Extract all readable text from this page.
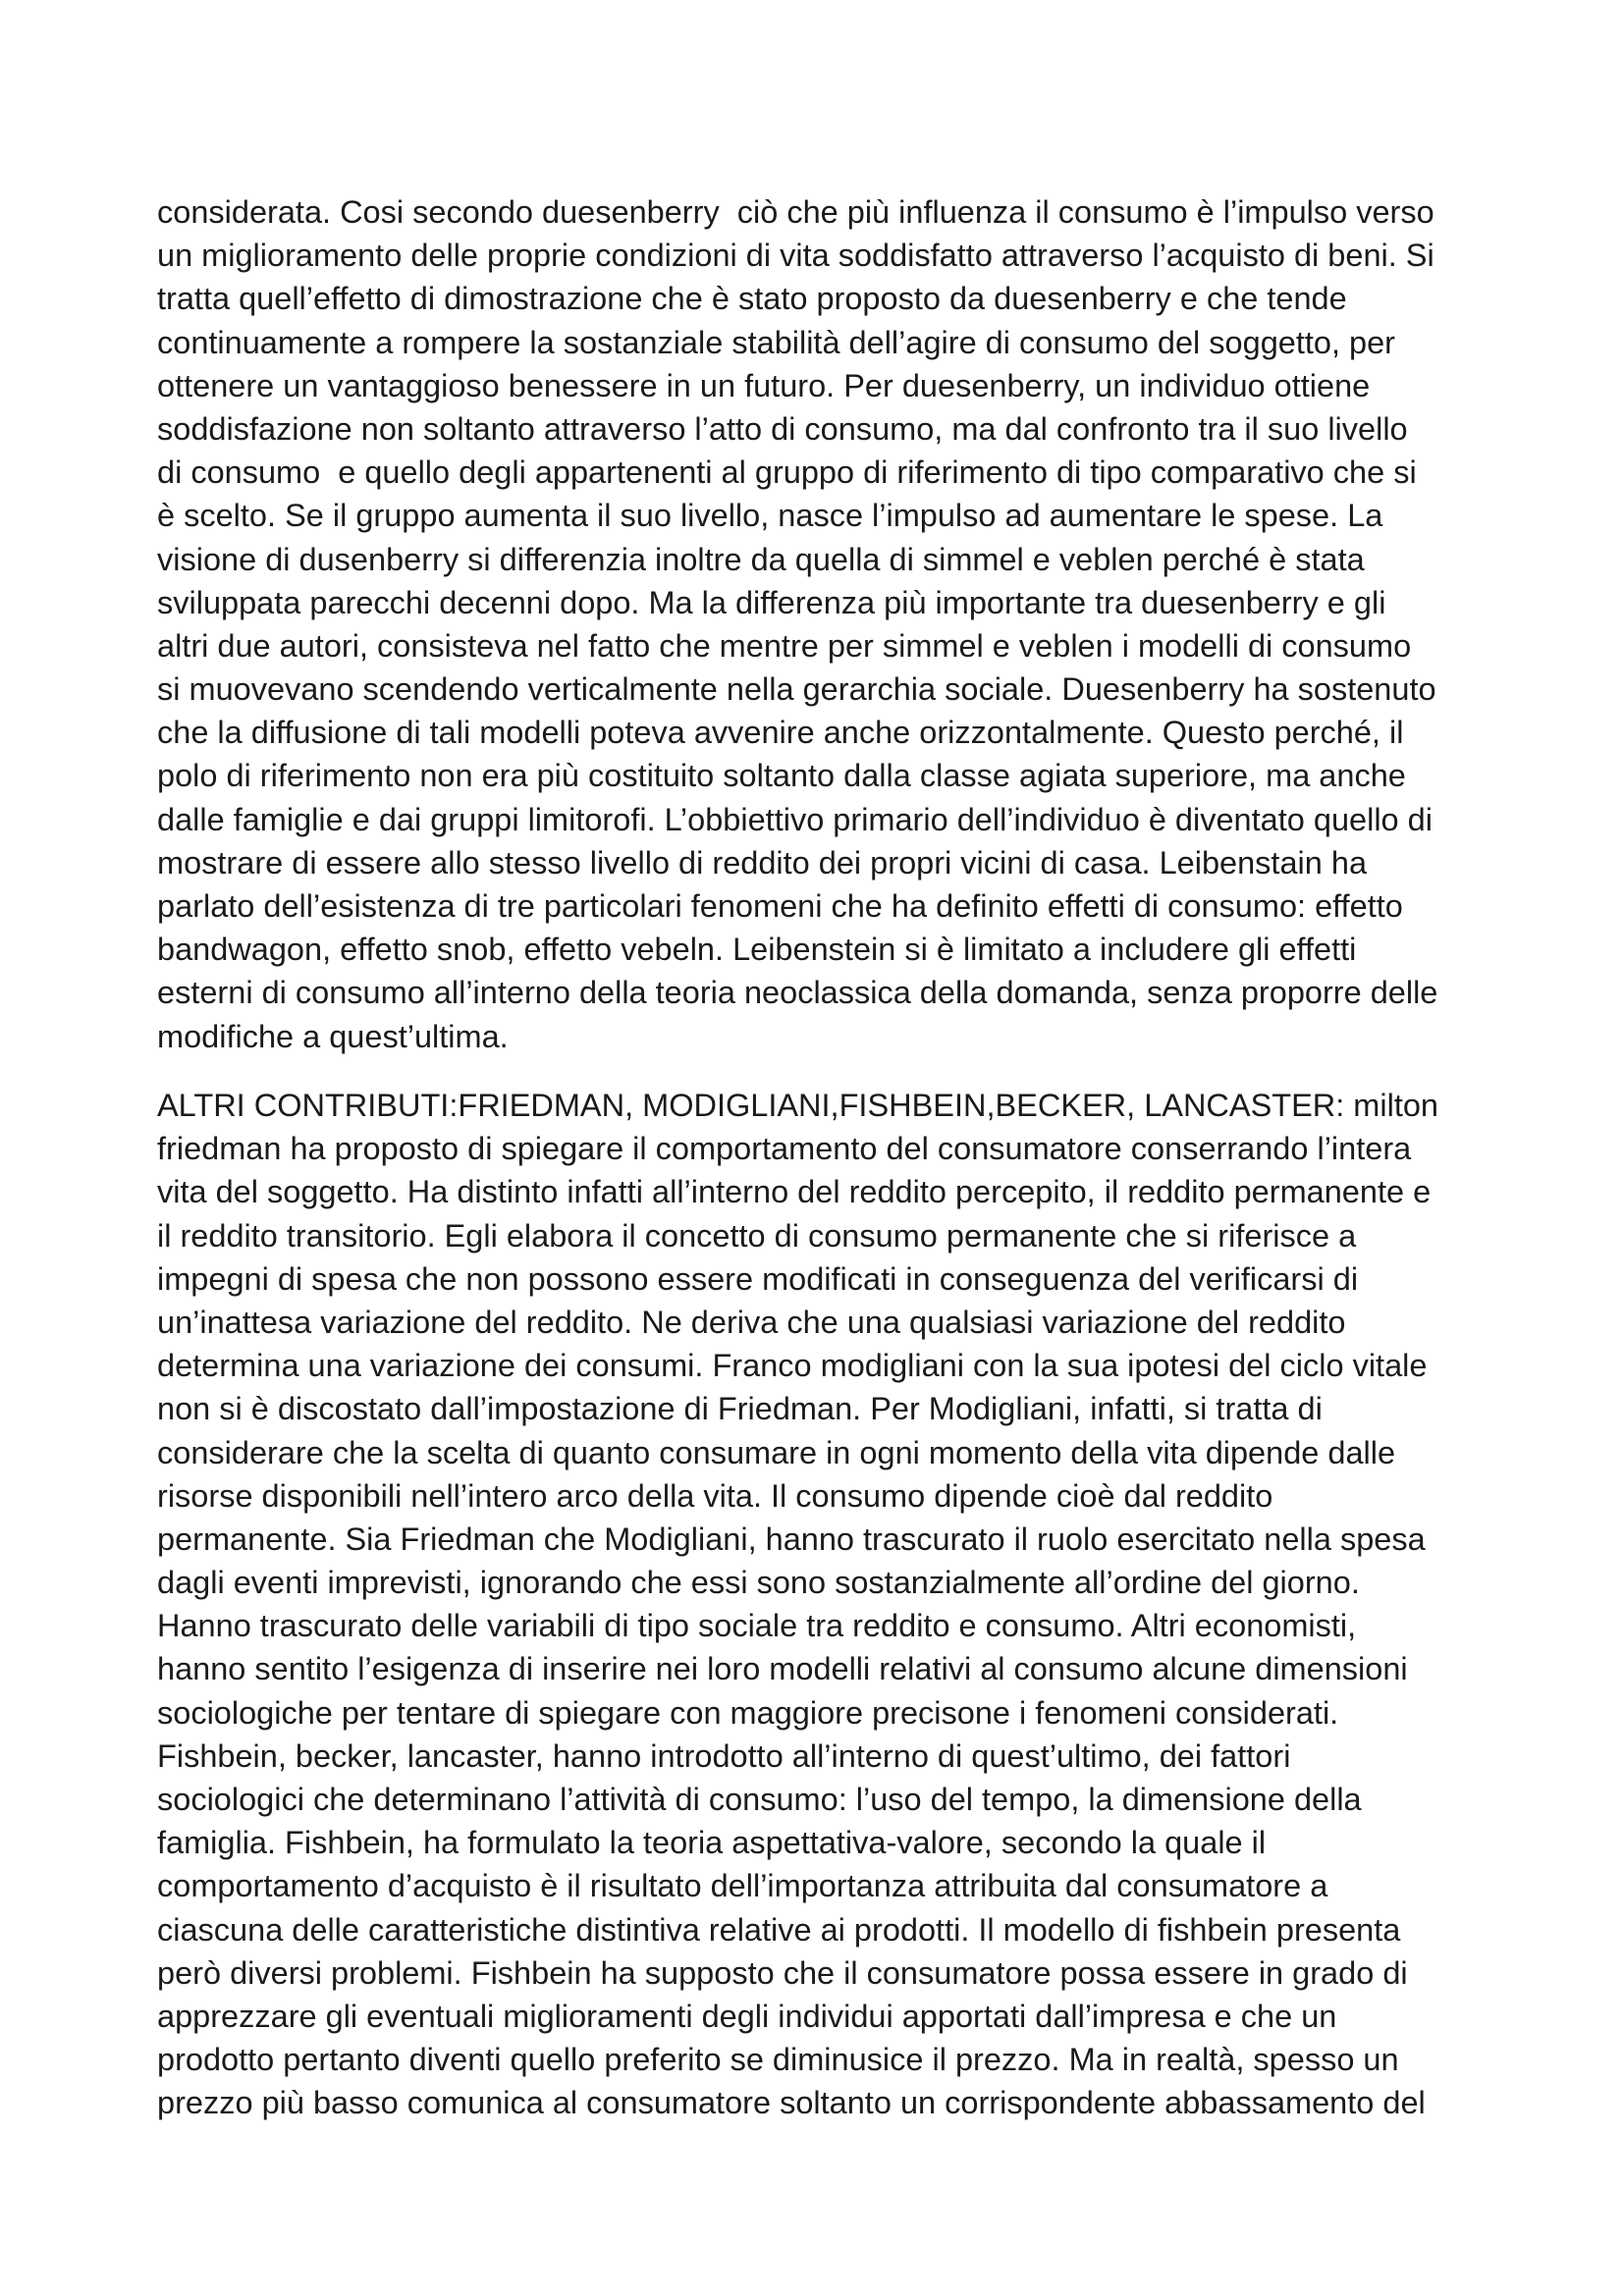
considerata. Cosi secondo duesenberry  ciò che più influenza il consumo è l’impulso verso
un miglioramento delle proprie condizioni di vita soddisfatto attraverso l’acquisto di beni. Si
tratta quell’effetto di dimostrazione che è stato proposto da duesenberry e che tende
continuamente a rompere la sostanziale stabilità dell’agire di consumo del soggetto, per
ottenere un vantaggioso benessere in un futuro. Per duesenberry, un individuo ottiene
soddisfazione non soltanto attraverso l’atto di consumo, ma dal confronto tra il suo livello
di consumo  e quello degli appartenenti al gruppo di riferimento di tipo comparativo che si
è scelto. Se il gruppo aumenta il suo livello, nasce l’impulso ad aumentare le spese. La
visione di dusenberry si differenzia inoltre da quella di simmel e veblen perché è stata
sviluppata parecchi decenni dopo. Ma la differenza più importante tra duesenberry e gli
altri due autori, consisteva nel fatto che mentre per simmel e veblen i modelli di consumo
si muovevano scendendo verticalmente nella gerarchia sociale. Duesenberry ha sostenuto
che la diffusione di tali modelli poteva avvenire anche orizzontalmente. Questo perché, il
polo di riferimento non era più costituito soltanto dalla classe agiata superiore, ma anche
dalle famiglie e dai gruppi limitorofi. L’obbiettivo primario dell’individuo è diventato quello di
mostrare di essere allo stesso livello di reddito dei propri vicini di casa. Leibenstain ha
parlato dell’esistenza di tre particolari fenomeni che ha definito effetti di consumo: effetto
bandwagon, effetto snob, effetto vebeln. Leibenstein si è limitato a includere gli effetti
esterni di consumo all’interno della teoria neoclassica della domanda, senza proporre delle
modifiche a quest’ultima.
ALTRI CONTRIBUTI:FRIEDMAN, MODIGLIANI,FISHBEIN,BECKER, LANCASTER: milton
friedman ha proposto di spiegare il comportamento del consumatore conserrando l’intera
vita del soggetto. Ha distinto infatti all’interno del reddito percepito, il reddito permanente e
il reddito transitorio. Egli elabora il concetto di consumo permanente che si riferisce a
impegni di spesa che non possono essere modificati in conseguenza del verificarsi di
un’inattesa variazione del reddito. Ne deriva che una qualsiasi variazione del reddito
determina una variazione dei consumi. Franco modigliani con la sua ipotesi del ciclo vitale
non si è discostato dall’impostazione di Friedman. Per Modigliani, infatti, si tratta di
considerare che la scelta di quanto consumare in ogni momento della vita dipende dalle
risorse disponibili nell’intero arco della vita. Il consumo dipende cioè dal reddito
permanente. Sia Friedman che Modigliani, hanno trascurato il ruolo esercitato nella spesa
dagli eventi imprevisti, ignorando che essi sono sostanzialmente all’ordine del giorno.
Hanno trascurato delle variabili di tipo sociale tra reddito e consumo. Altri economisti,
hanno sentito l’esigenza di inserire nei loro modelli relativi al consumo alcune dimensioni
sociologiche per tentare di spiegare con maggiore precisone i fenomeni considerati.
Fishbein, becker, lancaster, hanno introdotto all’interno di quest’ultimo, dei fattori
sociologici che determinano l’attività di consumo: l’uso del tempo, la dimensione della
famiglia. Fishbein, ha formulato la teoria aspettativa-valore, secondo la quale il
comportamento d’acquisto è il risultato dell’importanza attribuita dal consumatore a
ciascuna delle caratteristiche distintiva relative ai prodotti. Il modello di fishbein presenta
però diversi problemi. Fishbein ha supposto che il consumatore possa essere in grado di
apprezzare gli eventuali miglioramenti degli individui apportati dall’impresa e che un
prodotto pertanto diventi quello preferito se diminusice il prezzo. Ma in realtà, spesso un
prezzo più basso comunica al consumatore soltanto un corrispondente abbassamento del
